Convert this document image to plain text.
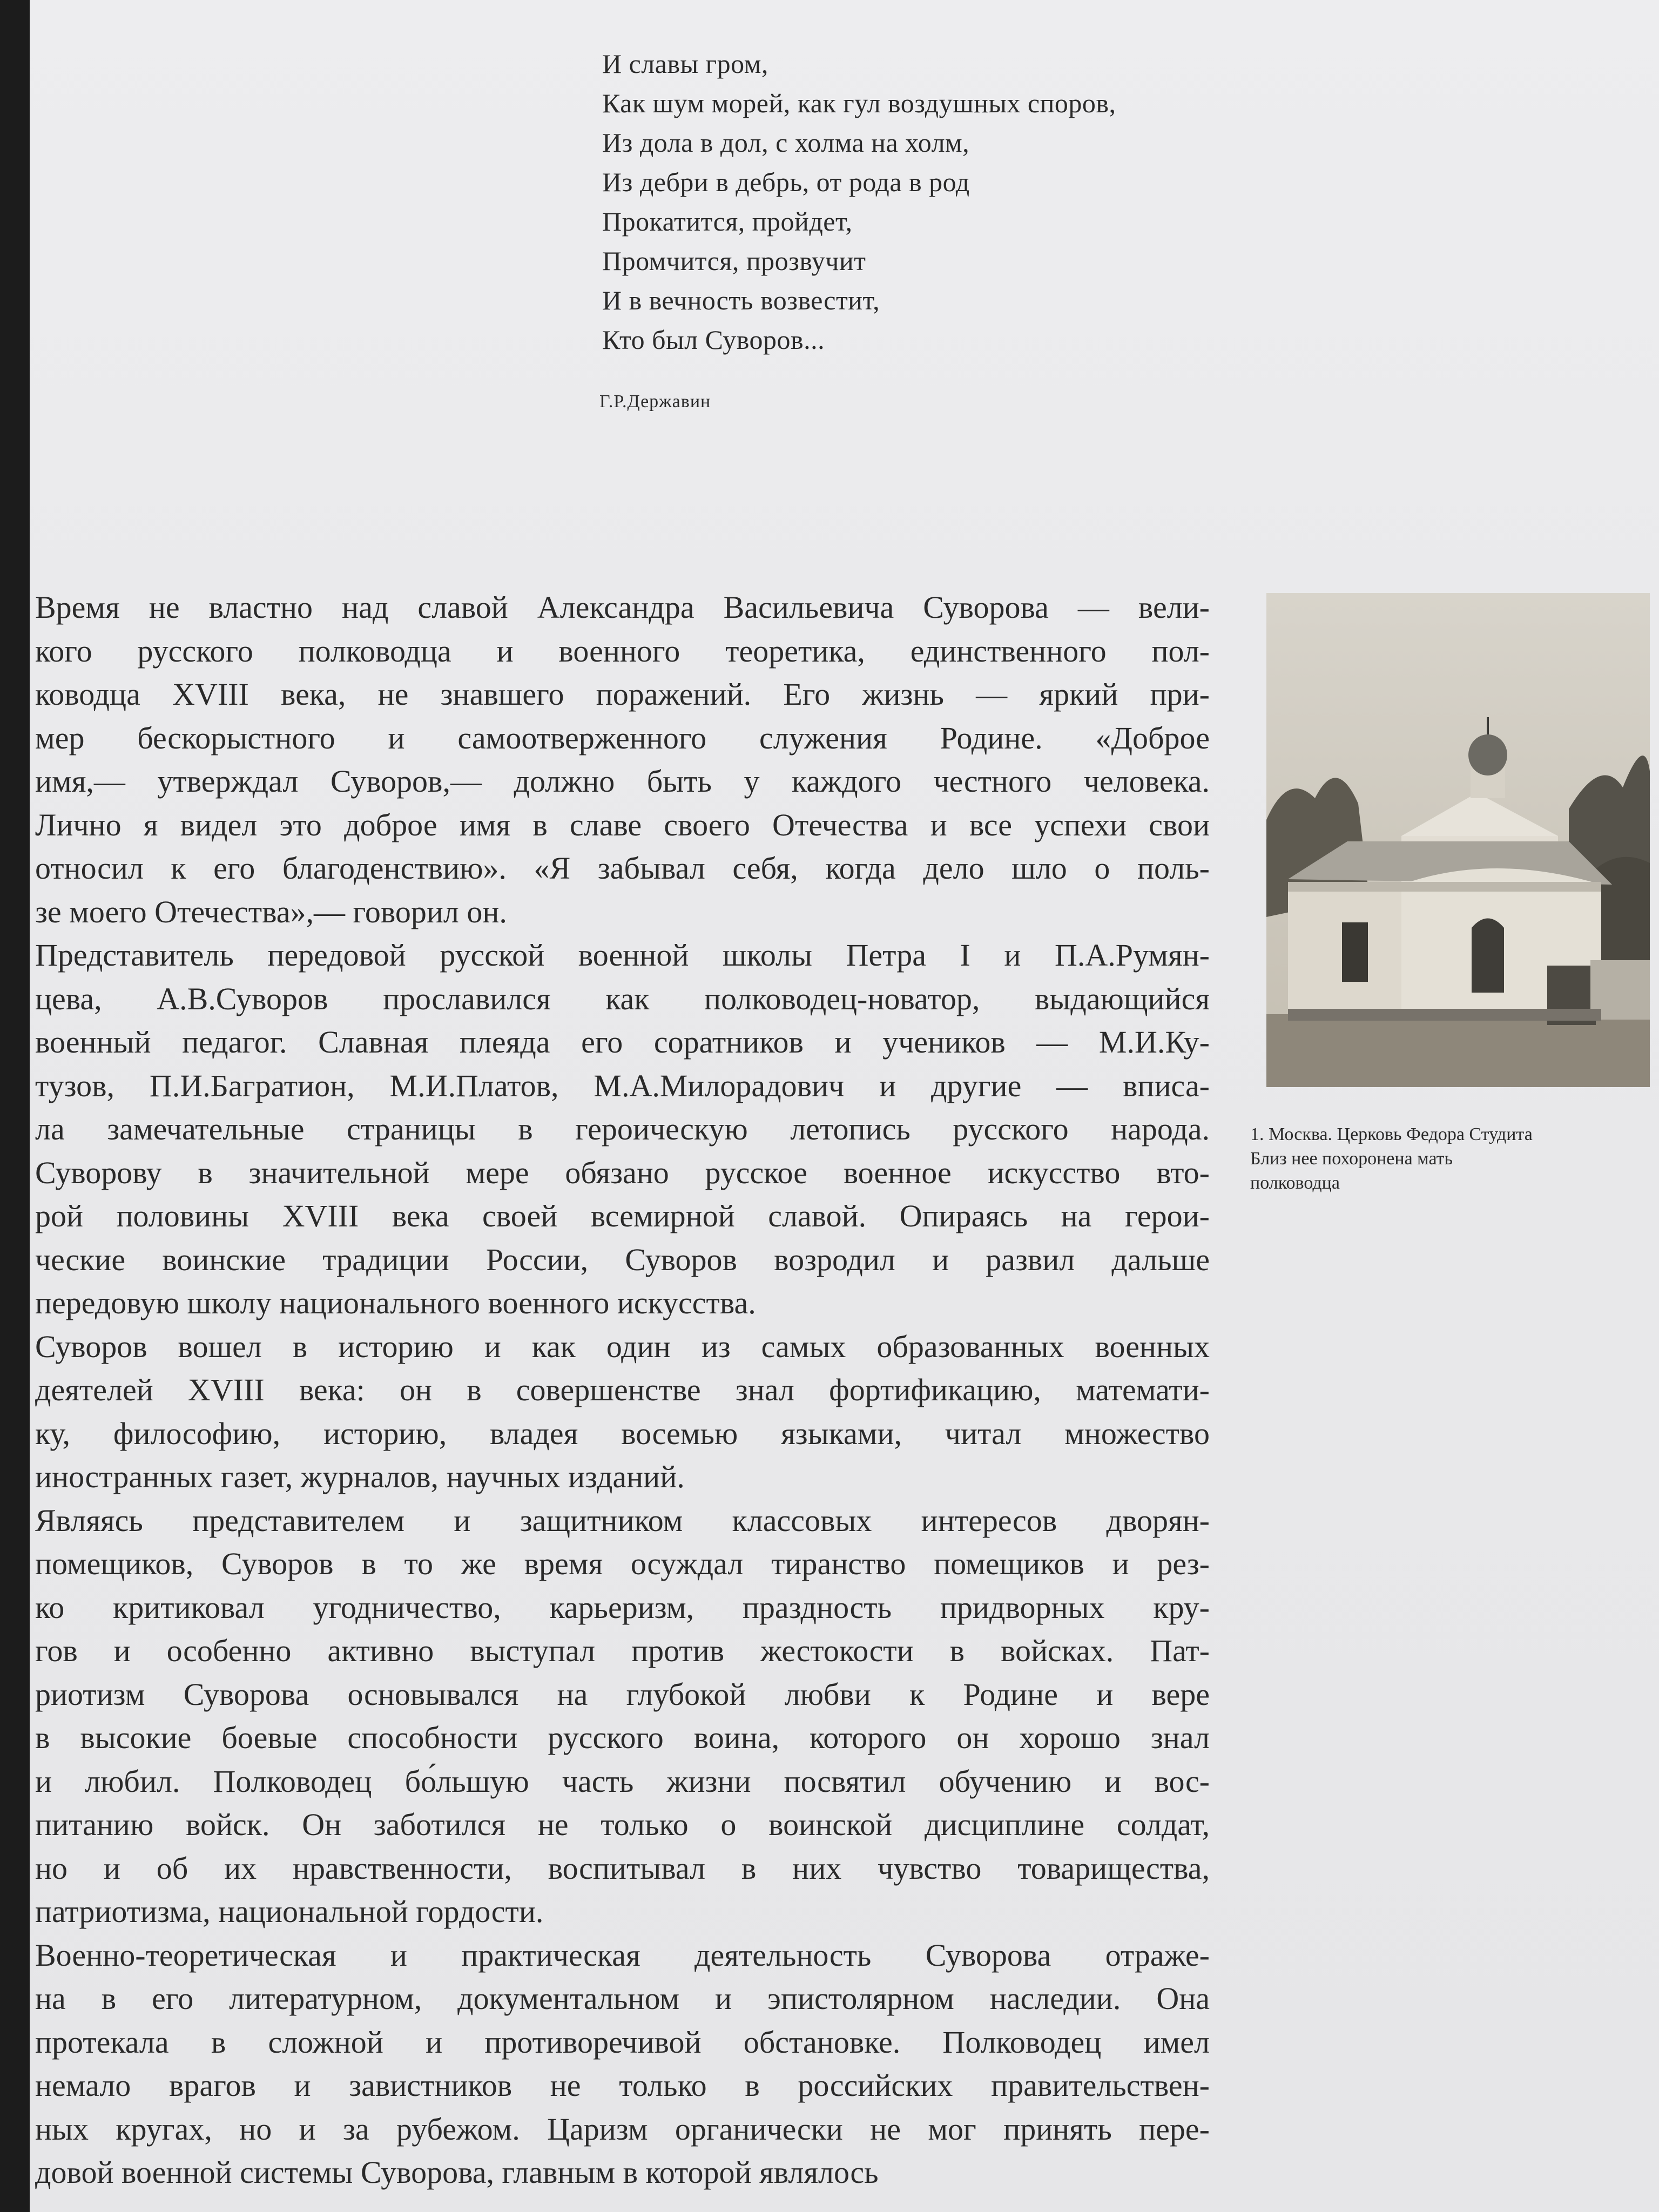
И славы гром,
Как шум морей, как гул воздушных споров,
Из дола в дол, с холма на холм,
Из дебри в дебрь, от рода в род
Прокатится, пройдет,
Промчится, прозвучит
И в вечность возвестит,
Кто был Суворов...
Г.Р.Державин
Время не властно над славой Александра Васильевича Суворова — вели-
кого русского полководца и военного теоретика, единственного пол-
ководца XVIII века, не знавшего поражений. Его жизнь — яркий при-
мер бескорыстного и самоотверженного служения Родине. «Доброе
имя,— утверждал Суворов,— должно быть у каждого честного человека.
Лично я видел это доброе имя в славе своего Отечества и все успехи свои
относил к его благоденствию». «Я забывал себя, когда дело шло о поль-
зе моего Отечества»,— говорил он.
Представитель передовой русской военной школы Петра I и П.А.Румян-
цева, А.В.Суворов прославился как полководец-новатор, выдающийся
военный педагог. Славная плеяда его соратников и учеников — М.И.Ку-
тузов, П.И.Багратион, М.И.Платов, М.А.Милорадович и другие — вписа-
ла замечательные страницы в героическую летопись русского народа.
Суворову в значительной мере обязано русское военное искусство вто-
рой половины XVIII века своей всемирной славой. Опираясь на герои-
ческие воинские традиции России, Суворов возродил и развил дальше
передовую школу национального военного искусства.
Суворов вошел в историю и как один из самых образованных военных
деятелей XVIII века: он в совершенстве знал фортификацию, математи-
ку, философию, историю, владея восемью языками, читал множество
иностранных газет, журналов, научных изданий.
Являясь представителем и защитником классовых интересов дворян-
помещиков, Суворов в то же время осуждал тиранство помещиков и рез-
ко критиковал угодничество, карьеризм, праздность придворных кру-
гов и особенно активно выступал против жестокости в войсках. Пат-
риотизм Суворова основывался на глубокой любви к Родине и вере
в высокие боевые способности русского воина, которого он хорошо знал
и любил. Полководец бо́льшую часть жизни посвятил обучению и вос-
питанию войск. Он заботился не только о воинской дисциплине солдат,
но и об их нравственности, воспитывал в них чувство товарищества,
патриотизма, национальной гордости.
Военно-теоретическая и практическая деятельность Суворова отраже-
на в его литературном, документальном и эпистолярном наследии. Она
протекала в сложной и противоречивой обстановке. Полководец имел
немало врагов и завистников не только в российских правительствен-
ных кругах, но и за рубежом. Царизм органически не мог принять пере-
довой военной системы Суворова, главным в которой являлось
1. Москва. Церковь Федора Студита
Близ нее похоронена мать
полководца
